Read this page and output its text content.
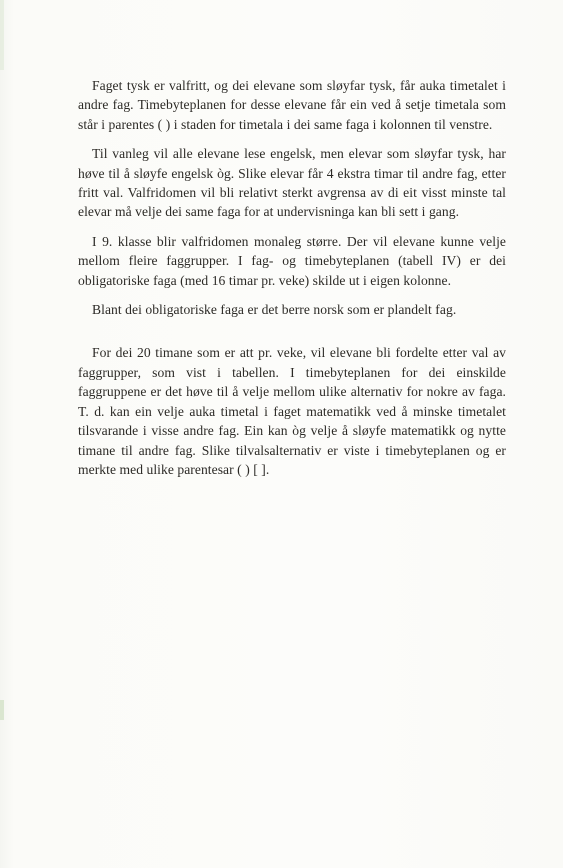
Faget tysk er valfritt, og dei elevane som sløyfar tysk, får auka timetalet i andre fag. Timebyteplanen for desse elevane får ein ved å setje timetala som står i parentes ( ) i staden for timetala i dei same faga i kolonnen til venstre.

Til vanleg vil alle elevane lese engelsk, men elevar som sløyfar tysk, har høve til å sløyfe engelsk òg. Slike elevar får 4 ekstra timar til andre fag, etter fritt val. Valfridomen vil bli relativt sterkt avgrensa av di eit visst minste tal elevar må velje dei same faga for at undervisninga kan bli sett i gang.

I 9. klasse blir valfridomen monaleg større. Der vil elevane kunne velje mellom fleire faggrupper. I fag- og timebyteplanen (tabell IV) er dei obligatoriske faga (med 16 timar pr. veke) skilde ut i eigen kolonne.

Blant dei obligatoriske faga er det berre norsk som er plandelt fag.

For dei 20 timane som er att pr. veke, vil elevane bli fordelte etter val av faggrupper, som vist i tabellen. I timebyteplanen for dei einskilde faggruppene er det høve til å velje mellom ulike alternativ for nokre av faga. T. d. kan ein velje auka timetal i faget matematikk ved å minske timetalet tilsvarande i visse andre fag. Ein kan òg velje å sløyfe matematikk og nytte timane til andre fag. Slike tilvalsalternativ er viste i timebyteplanen og er merkte med ulike parentesar ( ) [ ].
